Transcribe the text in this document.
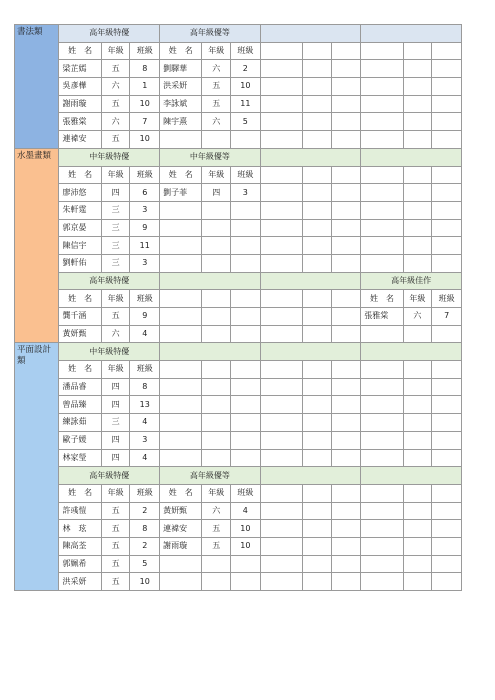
書法類	高年級特優			高年級優等								
	姓　名	年級	班級	姓　名	年級	班級						
	梁芷嫣	五	8	劉驛華	六	2						
	吳彥樺	六	1	洪采妍	五	10						
	謝雨璇	五	10	李詠斌	五	11						
	張雅棠	六	7	陳宇熹	六	5						
	連褘安	五	10									
水墨畫類	中年級特優			中年級優等								
	姓　名	年級	班級	姓　名	年級	班級						
	廖沛悠	四	6	劉子菲	四	3						
	朱軒霆	三	3									
	郭京晏	三	9									
	陳信宇	三	11									
	劉軒佑	三	3									
	高年級特優									高年級佳作		
	姓　名	年級	班級							姓　名	年級	班級
	龔千涵	五	9							張雅棠	六	7
	黃妍甄	六	4									
平面設計類	中年級特優											
	姓　名	年級	班級									
	潘品睿	四	8									
	曾品臻	四	13									
	練詠茹	三	4									
	歐子媛	四	3									
	林家瑩	四	4									
	高年級特優			高年級優等								
	姓　名	年級	班級	姓　名	年級	班級						
	許彧愷	五	2	黃妍甄	六	4						
	林　玹	五	8	連褘安	五	10						
	陳高荃	五	2	謝雨璇	五	10						
	郭姵希	五	5									
	洪采妍	五	10									
